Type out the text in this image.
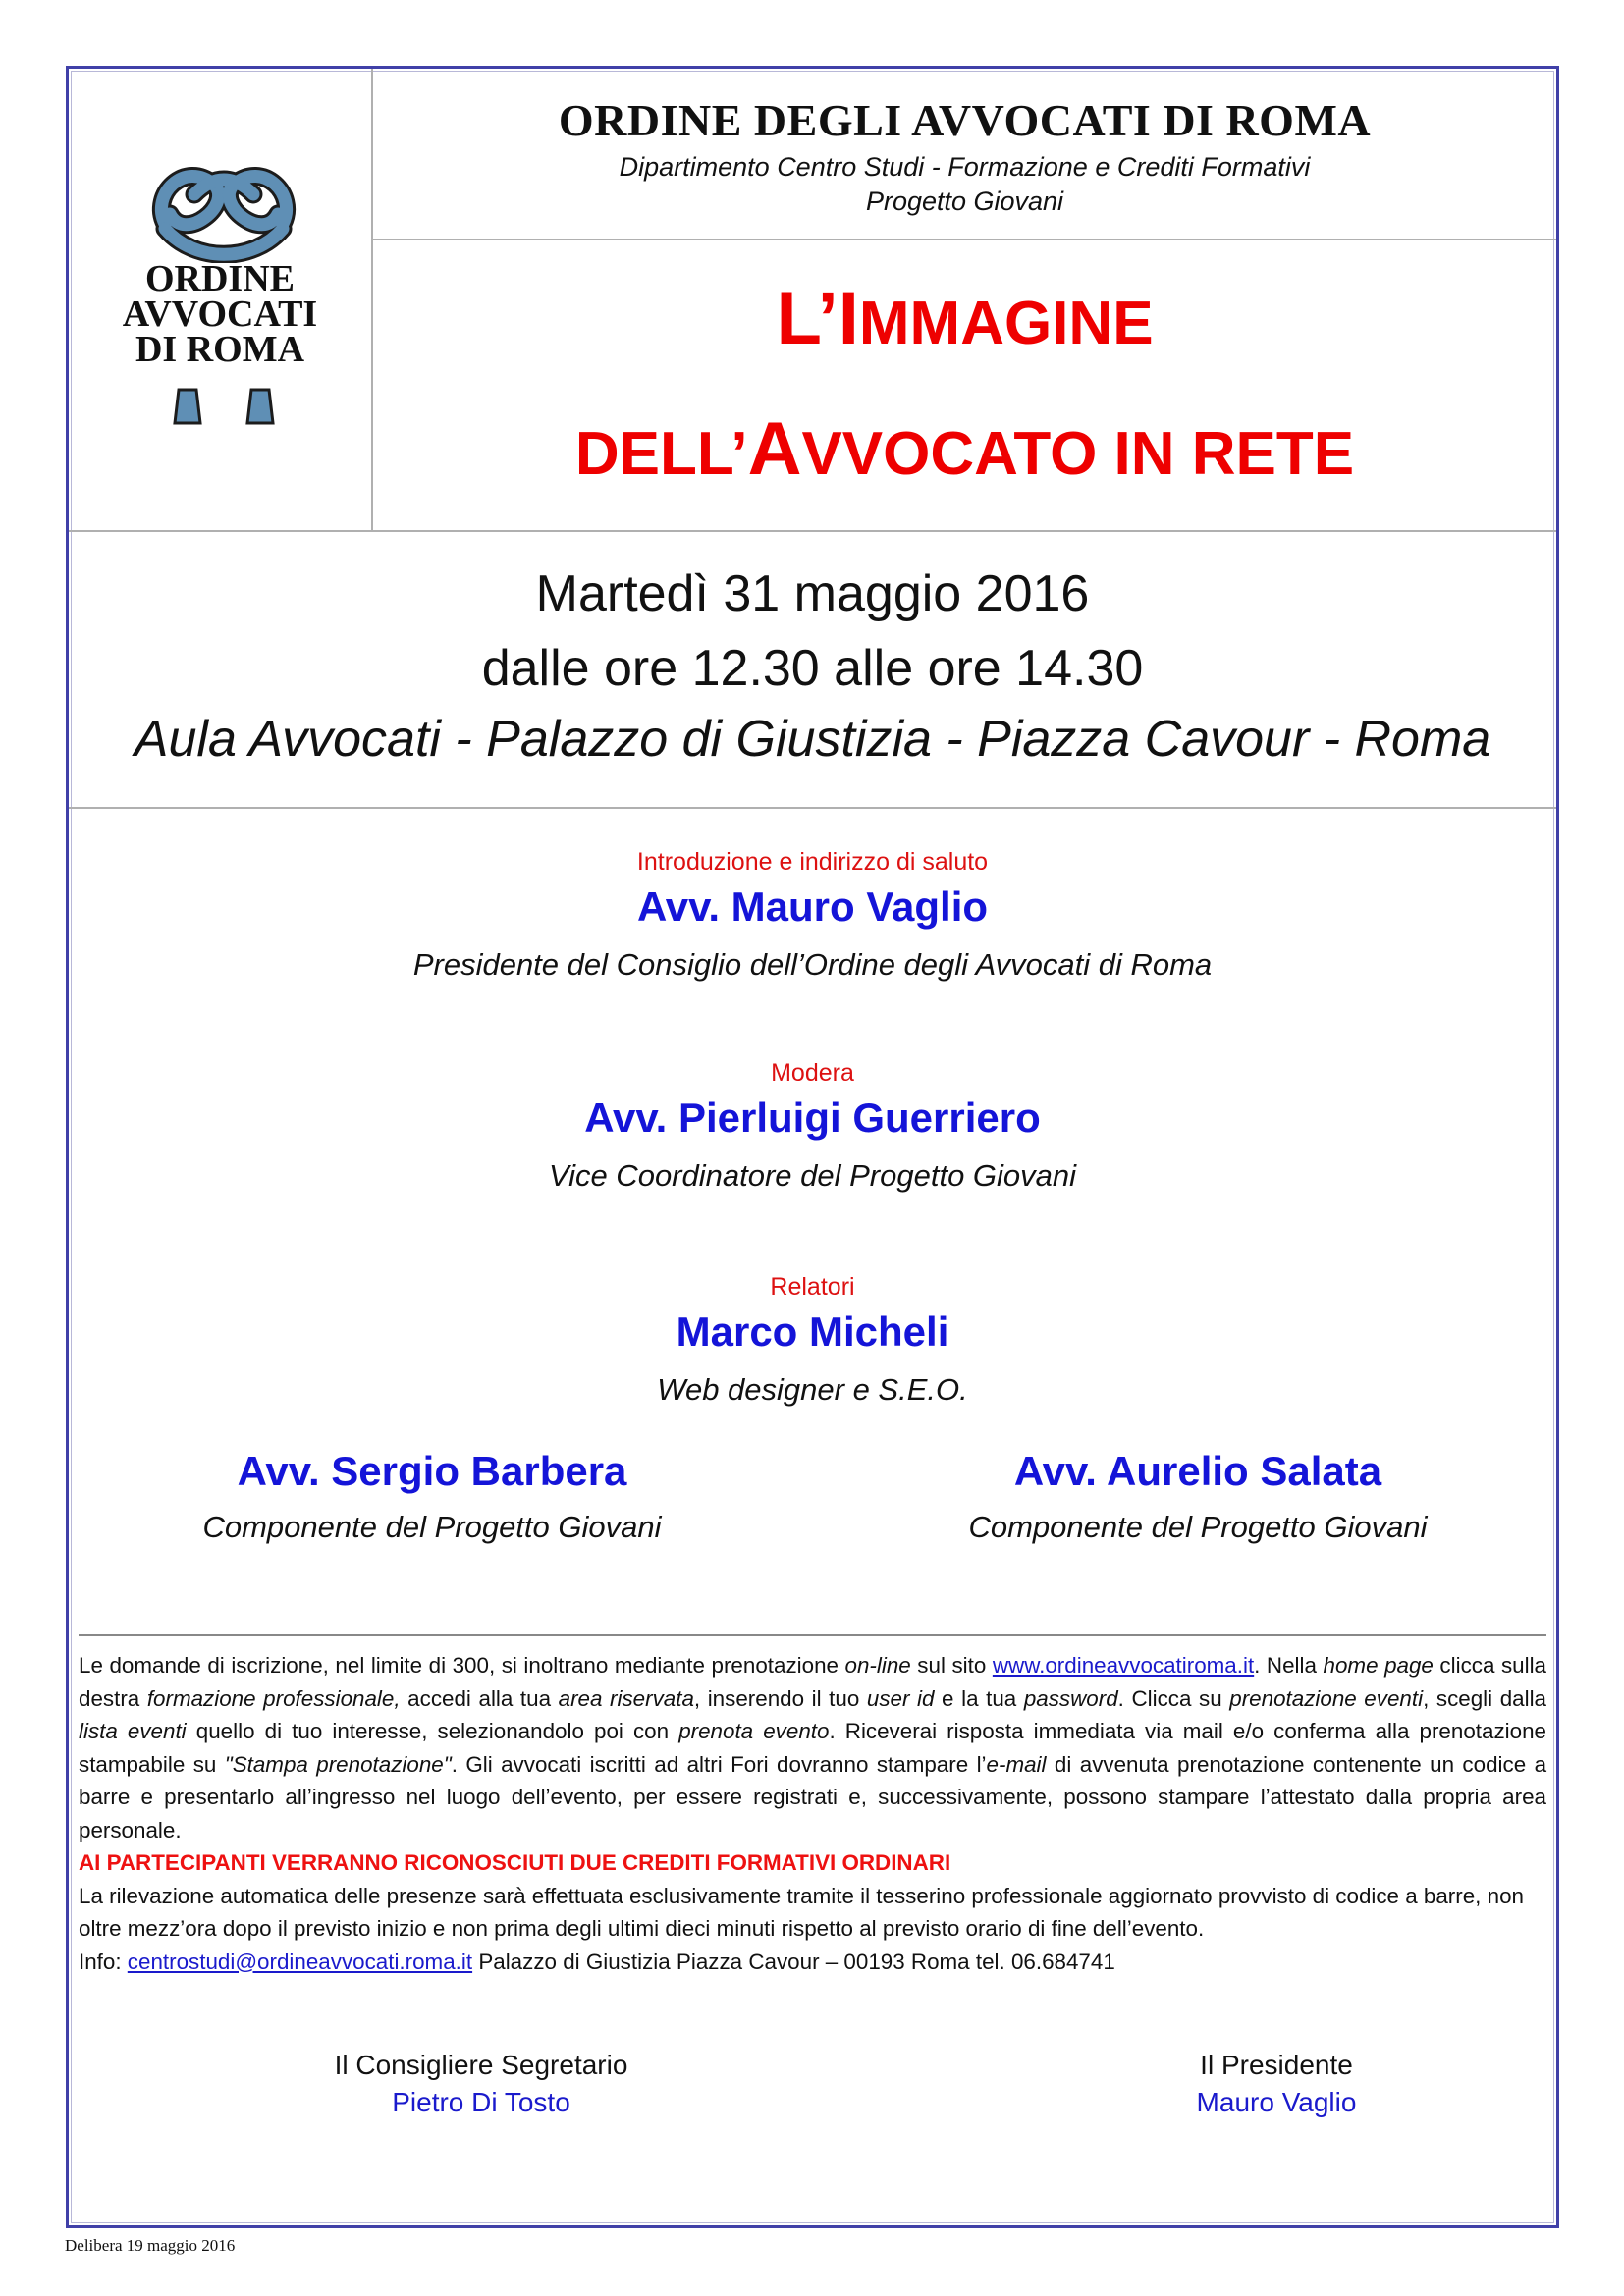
ORDINE
AVVOCATI
DI ROMA
ORDINE DEGLI AVVOCATI DI ROMA
Dipartimento Centro Studi - Formazione e Crediti Formativi
Progetto Giovani
L’IMMAGINE
DELL’AVVOCATO IN RETE
Martedì 31 maggio 2016
dalle ore 12.30 alle ore 14.30
Aula Avvocati - Palazzo di Giustizia - Piazza Cavour - Roma
Introduzione e indirizzo di saluto
Avv. Mauro Vaglio
Presidente del Consiglio dell’Ordine degli Avvocati di Roma
Modera
Avv. Pierluigi Guerriero
Vice Coordinatore del Progetto Giovani
Relatori
Marco Micheli
Web designer e S.E.O.
Avv. Sergio Barbera
Componente del Progetto Giovani
Avv. Aurelio Salata
Componente del Progetto Giovani
Le domande di iscrizione, nel limite di 300, si inoltrano mediante prenotazione on-line sul sito www.ordineavvocatiroma.it. Nella home page clicca sulla destra formazione professionale, accedi alla tua area riservata, inserendo il tuo user id e la tua password. Clicca su prenotazione eventi, scegli dalla lista eventi quello di tuo interesse, selezionandolo poi con prenota evento. Riceverai risposta immediata via mail e/o conferma alla prenotazione stampabile su "Stampa prenotazione". Gli avvocati iscritti ad altri Fori dovranno stampare l’e-mail di avvenuta prenotazione contenente un codice a barre e presentarlo all’ingresso nel luogo dell’evento, per essere registrati e, successivamente, possono stampare l’attestato dalla propria area personale.
AI PARTECIPANTI VERRANNO RICONOSCIUTI DUE CREDITI FORMATIVI ORDINARI
La rilevazione automatica delle presenze sarà effettuata esclusivamente tramite il tesserino professionale aggiornato provvisto di codice a barre, non oltre mezz’ora dopo il previsto inizio e non prima degli ultimi dieci minuti rispetto al previsto orario di fine dell’evento.
Info: centrostudi@ordineavvocati.roma.it Palazzo di Giustizia Piazza Cavour – 00193 Roma tel. 06.684741
Il Consigliere Segretario
Pietro Di Tosto
Il Presidente
Mauro Vaglio
Delibera 19 maggio 2016
